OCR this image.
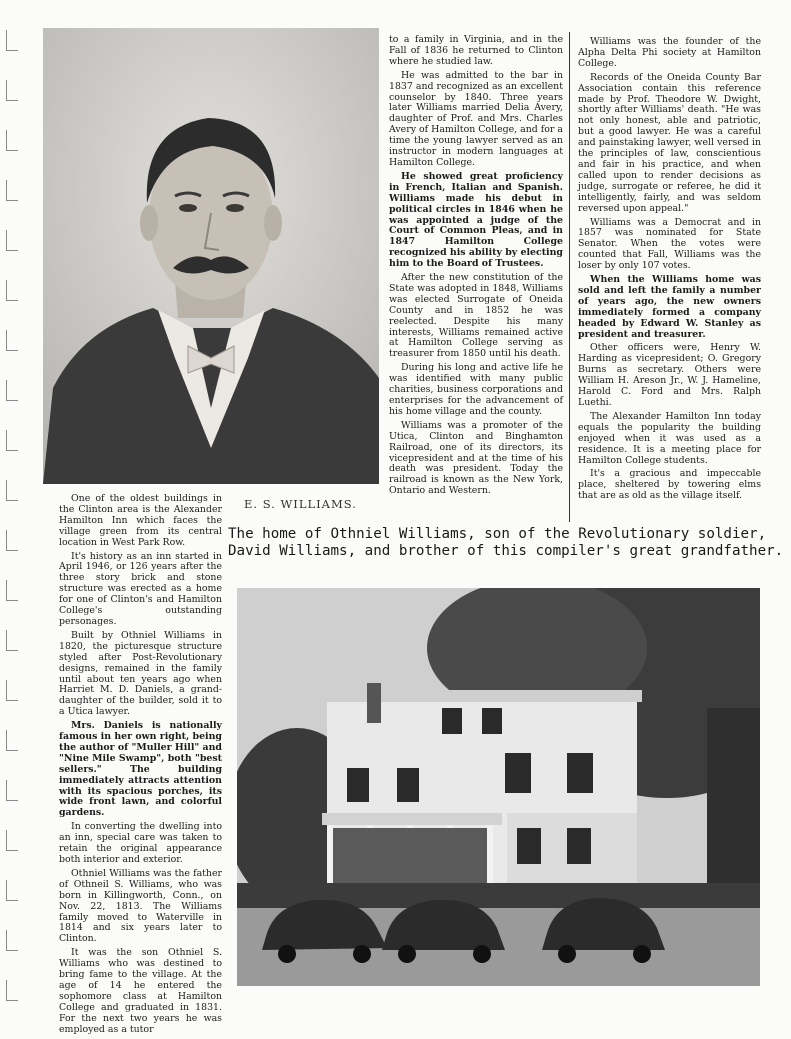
E. S. WILLIAMS.

One of the oldest buildings in the Clinton area is the Alexander Hamilton Inn which faces the village green from its central location in West Park Row.

It's history as an inn started in April 1946, or 126 years after the three story brick and stone structure was erected as a home for one of Clinton's and Hamilton College's outstanding personages.

Built by Othniel Williams in 1820, the picturesque structure styled after Post-Revolutionary designs, remained in the family until about ten years ago when Harriet M. D. Daniels, a grand-daughter of the builder, sold it to a Utica lawyer.

Mrs. Daniels is nationally famous in her own right, being the author of "Muller Hill" and "Nine Mile Swamp", both "best sellers." The building immediately attracts attention with its spacious porches, its wide front lawn, and colorful gardens.

In converting the dwelling into an inn, special care was taken to retain the original appearance both interior and exterior.

Othniel Williams was the father of Othneil S. Williams, who was born in Killingworth, Conn., on Nov. 22, 1813. The Williams family moved to Waterville in 1814 and six years later to Clinton.

It was the son Othniel S. Williams who was destined to bring fame to the village. At the age of 14 he entered the sophomore class at Hamilton College and graduated in 1831. For the next two years he was employed as a tutor

to a family in Virginia, and in the Fall of 1836 he returned to Clinton where he studied law.

He was admitted to the bar in 1837 and recognized as an excellent counselor by 1840. Three years later Williams married Delia Avery, daughter of Prof. and Mrs. Charles Avery of Hamilton College, and for a time the young lawyer served as an instructor in modern languages at Hamilton College.

He showed great proficiency in French, Italian and Spanish. Williams made his debut in political circles in 1846 when he was appointed a judge of the Court of Common Pleas, and in 1847 Hamilton College recognized his ability by electing him to the Board of Trustees.

After the new constitution of the State was adopted in 1848, Williams was elected Surrogate of Oneida County and in 1852 he was reelected. Despite his many interests, Williams remained active at Hamilton College serving as treasurer from 1850 until his death.

During his long and active life he was identified with many public charities, business corporations and enterprises for the advancement of his home village and the county.

Williams was a promoter of the Utica, Clinton and Binghamton Railroad, one of its directors, its vicepresident and at the time of his death was president. Today the railroad is known as the New York, Ontario and Western.

Williams was the founder of the Alpha Delta Phi society at Hamilton College.

Records of the Oneida County Bar Association contain this reference made by Prof. Theodore W. Dwight, shortly after Williams' death. "He was not only honest, able and patriotic, but a good lawyer. He was a careful and painstaking lawyer, well versed in the principles of law, conscientious and fair in his practice, and when called upon to render decisions as judge, surrogate or referee, he did it intelligently, fairly, and was seldom reversed upon appeal."

Williams was a Democrat and in 1857 was nominated for State Senator. When the votes were counted that Fall, Williams was the loser by only 107 votes.

When the Williams home was sold and left the family a number of years ago, the new owners immediately formed a company headed by Edward W. Stanley as president and treasurer.

Other officers were, Henry W. Harding as vicepresident; O. Gregory Burns as secretary. Others were William H. Areson Jr., W. J. Hameline, Harold C. Ford and Mrs. Ralph Luethi.

The Alexander Hamilton Inn today equals the popularity the building enjoyed when it was used as a residence. It is a meeting place for Hamilton College students.

It's a gracious and impeccable place, sheltered by towering elms that are as old as the village itself.

The home of Othniel Williams, son of the Revolutionary soldier, David Williams, and brother of this compiler's great grandfather.
